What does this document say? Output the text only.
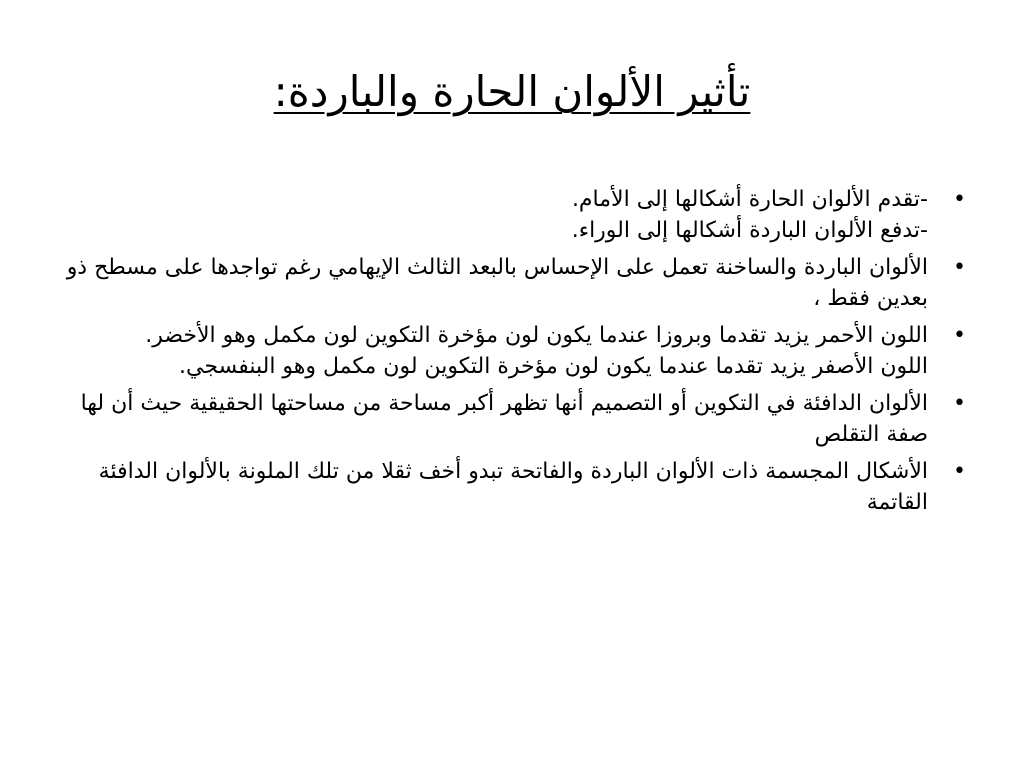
تأثير الألوان الحارة والباردة:
•
-تقدم الألوان الحارة أشكالها إلى الأمام.
-تدفع الألوان الباردة أشكالها إلى الوراء.
•
الألوان الباردة والساخنة تعمل على الإحساس بالبعد الثالث الإيهامي رغم تواجدها على مسطح ذو بعدين فقط ،
•
اللون الأحمر يزيد تقدما وبروزا عندما يكون لون مؤخرة التكوين لون مكمل وهو الأخضر.
اللون الأصفر يزيد تقدما عندما يكون لون مؤخرة التكوين لون مكمل وهو البنفسجي.
•
الألوان الدافئة في التكوين أو التصميم أنها تظهر أكبر مساحة من مساحتها الحقيقية حيث أن لها صفة التقلص
•
الأشكال المجسمة ذات الألوان الباردة والفاتحة تبدو أخف ثقلا من تلك الملونة بالألوان الدافئة القاتمة
